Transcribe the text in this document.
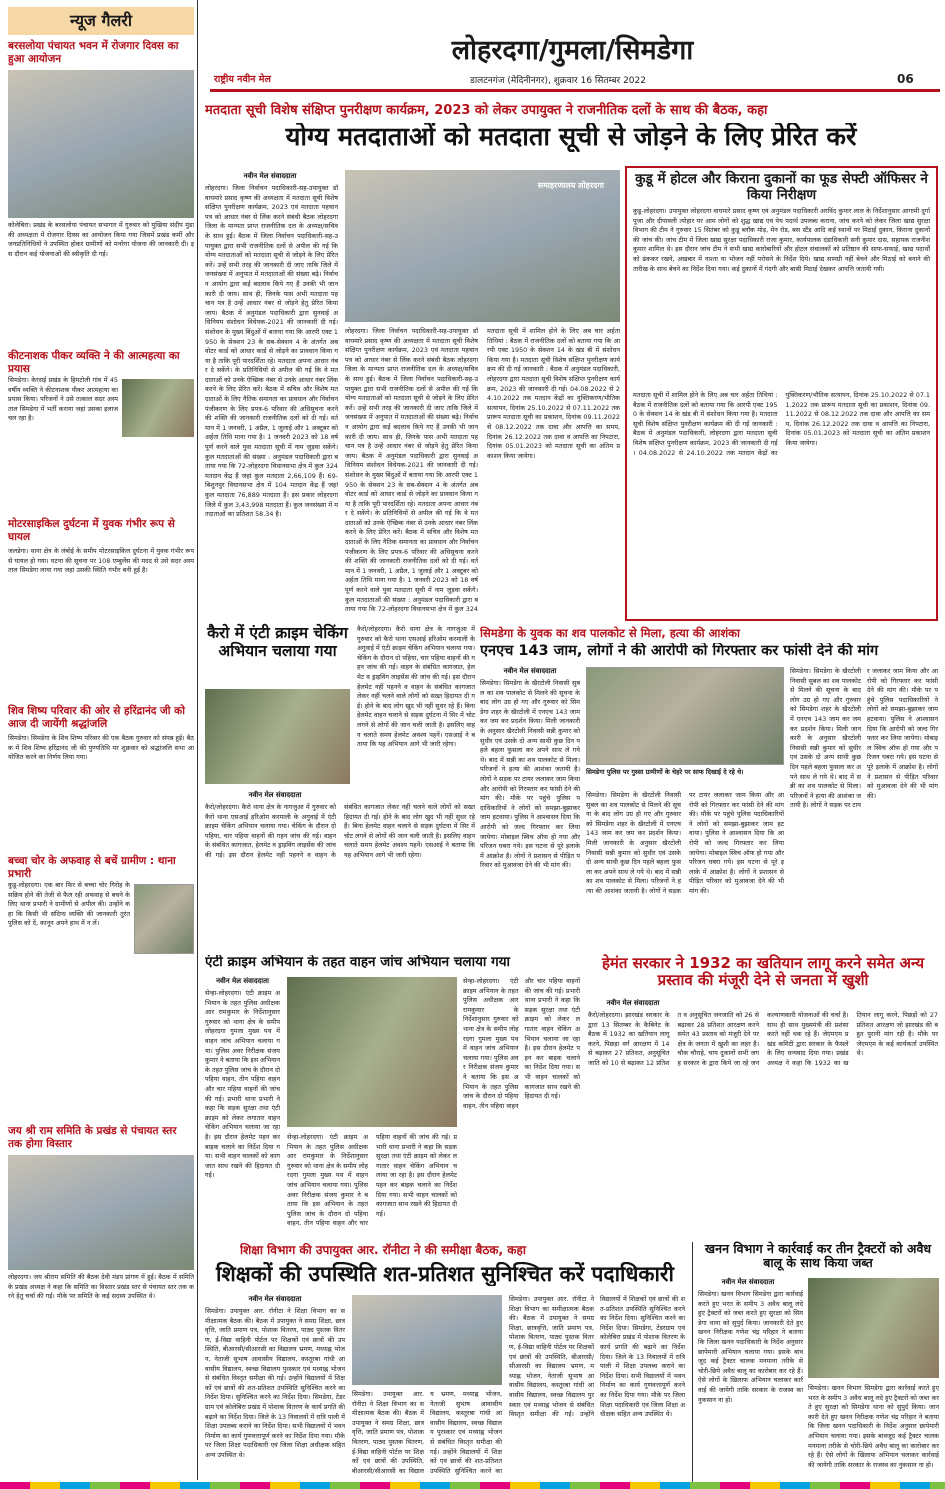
लोहरदगा/गुमला/सिमडेगा
राष्ट्रीय नवीन मेल	डालटनगंज (मेदिनीनगर), शुक्रवार 16 सितम्बर 2022	06
न्यूज गैलरी
बरसलोया पंचायत भवन में रोजगार दिवस का हुआ आयोजन
कोलेबिरा। प्रखंड के बरसलोया पंचायत सभागार में गुरुवार को मुखिया संदीप मुंडा की अध्यक्षता में रोजगार दिवस का आयोजन किया गया जिसमें प्रखंड कर्मी और जनप्रतिनिधियों ने उपस्थित होकर ग्रामीणों को मनरेगा योजना की जानकारी दी। इस दौरान कई योजनाओं की स्वीकृति दी गई।
कीटनाशक पीकर व्यक्ति ने की आत्महत्या का प्रयास
सिमडेगा। केरसई प्रखंड के हिमटोली गांव में 45 वर्षीय व्यक्ति ने कीटनाशक पीकर आत्महत्या का प्रयास किया। परिजनों ने उसे तत्काल सदर अस्पताल सिमडेगा में भर्ती कराया जहां उसका इलाज चल रहा है।
मोटरसाइकिल दुर्घटना में युवक गंभीर रूप से घायल
जलडेगा। थाना क्षेत्र के लंबोई के समीप मोटरसाइकिल दुर्घटना में युवक गंभीर रूप से घायल हो गया। घटना की सूचना पर 108 एम्बुलेंस की मदद से उसे सदर अस्पताल सिमडेगा लाया गया जहां उसकी स्थिति गंभीर बनी हुई है।
शिव शिष्य परिवार की ओर से हरिंद्रानंद जी को आज दी जायेंगी श्रद्धांजलि
सिमडेगा। सिमडेगा के शिव शिष्य परिवार की एक बैठक गुरुवार को संपन्न हुई। बैठक में शिव शिष्य हरिंद्रानंद जी की पुण्यतिथि पर शुक्रवार को श्रद्धांजलि सभा आयोजित करने का निर्णय लिया गया।
बच्चा चोर के अफवाह से बचें ग्रामीण : थाना प्रभारी
कुडू-लोहरदगा। एक बार फिर से बच्चा चोर गिरोह के सक्रिय होने की तेजी से फैल रही अफवाह से बचने के लिए थाना प्रभारी ने ग्रामीणों से अपील की। उन्होंने कहा कि किसी भी संदिग्ध व्यक्ति की जानकारी तुरंत पुलिस को दें, कानून अपने हाथ में न लें।
जय श्री राम समिति के प्रखंड से पंचायत स्तर तक होगा विस्तार
लोहरदगा। जय श्रीराम समिति की बैठक देवी मंडप प्रांगण में हुई। बैठक में समिति के प्रखंड अध्यक्ष ने कहा कि समिति का विस्तार प्रखंड स्तर से पंचायत स्तर तक करने हेतु चर्चा की गई। मौके पर समिति के कई सदस्य उपस्थित थे।
मतदाता सूची विशेष संक्षिप्त पुनरीक्षण कार्यक्रम, 2023 को लेकर उपायुक्त ने राजनीतिक दलों के साथ की बैठक, कहा
योग्य मतदाताओं को मतदाता सूची से जोड़ने के लिए प्रेरित करें
नवीन मेल संवाददाता
लोहरदगा। जिला निर्वाचन पदाधिकारी-सह-उपायुक्त डॉ वाघमारे प्रसाद कृष्ण की अध्यक्षता में मतदाता सूची विशेष संक्षिप्त पुनरीक्षण कार्यक्रम, 2023 एवं मतदाता पहचान पत्र को आधार नंबर से लिंक करने संबंधी बैठक लोहरदगा जिला के मान्यता प्राप्त राजनीतिक दल के अध्यक्ष/सचिव के साथ हुई। बैठक में जिला निर्वाचन पदाधिकारी-सह-उपायुक्त द्वारा सभी राजनीतिक दलों से अपील की गई कि योग्य मतदाताओं को मतदाता सूची से जोड़ने के लिए प्रेरित करें। उन्हें सभी तरह की जानकारी दी जाए ताकि जिले में जनसंख्या में अनुपात में मतदाताओं की संख्या बढ़े। निर्वाचन आयोग द्वारा कई बदलाव किये गए हैं उनकी भी जानकारी दी जाय। साथ ही, जिनके पास अभी मतदाता पहचान पत्र है उन्हें आधार नंबर से जोड़ने हेतु प्रेरित किया जाय। बैठक में अनुमंडल पदाधिकारी द्वारा सुनवाई अधिनियम संशोधन विधेयक-2021 की जानकारी दी गई। संशोधन के मुख्य बिंदुओं में बताया गया कि आरपी एक्ट 1950 के सेक्शन 23 के सब-सेक्शन 4 के अंतर्गत अब वोटर कार्ड को आधार कार्ड से जोड़ने का प्रावधान किया गया है ताकि पूरी पारदर्शिता रहे। मतदाता अपना आधार नंबर दे सकेंगे। के प्रतिनिधियों से अपील की गई कि वे मतदाताओं को उनके ऐच्छिक नंबर से उनके आधार नंबर लिंक करने के लिए प्रेरित करें। बैठक में सचिव और विशेष मतदाताओं के लिए नैतिक समानता का प्रावधान और निर्वाचन पंजीकरण के लिए प्रपत्र-6 परिवार की अधिसूचना करने की शक्ति की जानकारी राजनीतिक दलों को दी गई। वर्तमान में 1 जनवरी, 1 अप्रैल, 1 जुलाई और 1 अक्टूबर को अर्हता तिथि माना गया है। 1 जनवरी 2023 को 18 वर्ष पूर्ण करने वाले युवा मतदाता सूची में नाम जुड़वा सकेंगे। कुल मतदाताओं की संख्या : अनुमंडल पदाधिकारी द्वारा बताया गया कि 72-लोहरदगा विधानसभा क्षेत्र में कुल 324 मतदान केंद्र हैं जहां कुल मतदाता 2,66,109 हैं। 69-बिशुनपुर विधानसभा क्षेत्र में 104 मतदान केंद्र हैं जहां कुल मतदाता 76,889 मतदाता हैं। इस प्रकार लोहरदगा जिले में कुल 3,43,998 मतदाता हैं। कुल जनसंख्या में मतदाताओं का प्रतिशत 58.34 है।
समाहरणालय लोहरदगा
लोहरदगा। जिला निर्वाचन पदाधिकारी-सह-उपायुक्त डॉ वाघमारे प्रसाद कृष्ण की अध्यक्षता में मतदाता सूची विशेष संक्षिप्त पुनरीक्षण कार्यक्रम, 2023 एवं मतदाता पहचान पत्र को आधार नंबर से लिंक करने संबंधी बैठक लोहरदगा जिला के मान्यता प्राप्त राजनीतिक दल के अध्यक्ष/सचिव के साथ हुई। बैठक में जिला निर्वाचन पदाधिकारी-सह-उपायुक्त द्वारा सभी राजनीतिक दलों से अपील की गई कि योग्य मतदाताओं को मतदाता सूची से जोड़ने के लिए प्रेरित करें। उन्हें सभी तरह की जानकारी दी जाए ताकि जिले में जनसंख्या में अनुपात में मतदाताओं की संख्या बढ़े। निर्वाचन आयोग द्वारा कई बदलाव किये गए हैं उनकी भी जानकारी दी जाय। साथ ही, जिनके पास अभी मतदाता पहचान पत्र है उन्हें आधार नंबर से जोड़ने हेतु प्रेरित किया जाय। बैठक में अनुमंडल पदाधिकारी द्वारा सुनवाई अधिनियम संशोधन विधेयक-2021 की जानकारी दी गई। संशोधन के मुख्य बिंदुओं में बताया गया कि आरपी एक्ट 1950 के सेक्शन 23 के सब-सेक्शन 4 के अंतर्गत अब वोटर कार्ड को आधार कार्ड से जोड़ने का प्रावधान किया गया है ताकि पूरी पारदर्शिता रहे। मतदाता अपना आधार नंबर दे सकेंगे। के प्रतिनिधियों से अपील की गई कि वे मतदाताओं को उनके ऐच्छिक नंबर से उनके आधार नंबर लिंक करने के लिए प्रेरित करें। बैठक में सचिव और विशेष मतदाताओं के लिए नैतिक समानता का प्रावधान और निर्वाचन पंजीकरण के लिए प्रपत्र-6 परिवार की अधिसूचना करने की शक्ति की जानकारी राजनीतिक दलों को दी गई। वर्तमान में 1 जनवरी, 1 अप्रैल, 1 जुलाई और 1 अक्टूबर को अर्हता तिथि माना गया है। 1 जनवरी 2023 को 18 वर्ष पूर्ण करने वाले युवा मतदाता सूची में नाम जुड़वा सकेंगे। कुल मतदाताओं की संख्या : अनुमंडल पदाधिकारी द्वारा बताया गया कि 72-लोहरदगा विधानसभा क्षेत्र में कुल 324
मतदाता सूची में शामिल होने के लिए अब चार अर्हता तिथियां : बैठक में राजनीतिक दलों को बताया गया कि आरपी एक्ट 1950 के सेक्शन 14 के खंड बी में संशोधन किया गया है। मतदाता सूची विशेष संक्षिप्त पुनरीक्षण कार्यक्रम की दी गई जानकारी : बैठक में अनुमंडल पदाधिकारी, लोहरदगा द्वारा मतदाता सूची विशेष संक्षिप्त पुनरीक्षण कार्यक्रम, 2023 की जानकारी दी गई। 04.08.2022 से 24.10.2022 तक मतदान केंद्रों का युक्तिकरण/भौतिक सत्यापन, दिनांक 25.10.2022 से 07.11.2022 तक प्रारूप मतदाता सूची का प्रकाशन, दिनांक 09.11.2022 से 08.12.2022 तक दावा और आपत्ति का समय, दिनांक 26.12.2022 तक दावा व आपत्ति का निपटारा, दिनांक 05.01.2023 को मतदाता सूची का अंतिम प्रकाशन किया जायेगा।
कुडू में होटल और किराना दुकानों का फूड सेफ्टी ऑफिसर ने किया निरीक्षण
कुडू-लोहरदगा। उपायुक्त लोहरदगा वाघमारे प्रसाद कृष्ण एवं अनुमंडल पदाधिकारी अरविंद कुमार लाल के निर्देशानुसार आगामी दुर्गा पूजा और दीपावली त्योहार पर आम लोगों को शुद्ध खाद्य एवं पेय पदार्थ उपलब्ध कराना, जांच करने को लेकर जिला खाद्य सुरक्षा विभाग की टीम ने गुरुवार 15 सितंबर को कुडू ब्लॉक मोड़, मेन रोड, बस स्टैंड आदि कई स्थानों पर मिठाई दुकान, किराना दुकानों की जांच की। जांच टीम में जिला खाद्य सुरक्षा पदाधिकारी राजा कुमार, कार्यपालक दंडाधिकारी सनी कुमार दास, सहायक राजनीश कुमार शामिल थे। इस दौरान जांच टीम ने सभी खाद्य कारोबारियों और होटल संचालकों को प्रतिष्ठान की साफ-सफाई, खाद्य पदार्थों को ढंककर रखने, अखबार में नाश्ता या भोजन नहीं परोसने के निर्देश दिये। खाद्य सामग्री नहीं बेचने और मिठाई को बनाने की तारीख के साथ बेचने का निर्देश दिया गया। कई दुकानों में गंदगी और बासी मिठाई देखकर आपत्ति जतायी गयी।
मतदाता सूची में शामिल होने के लिए अब चार अर्हता तिथियां : बैठक में राजनीतिक दलों को बताया गया कि आरपी एक्ट 1950 के सेक्शन 14 के खंड बी में संशोधन किया गया है। मतदाता सूची विशेष संक्षिप्त पुनरीक्षण कार्यक्रम की दी गई जानकारी : बैठक में अनुमंडल पदाधिकारी, लोहरदगा द्वारा मतदाता सूची विशेष संक्षिप्त पुनरीक्षण कार्यक्रम, 2023 की जानकारी दी गई। 04.08.2022 से 24.10.2022 तक मतदान केंद्रों का युक्तिकरण/भौतिक सत्यापन, दिनांक 25.10.2022 से 07.11.2022 तक प्रारूप मतदाता सूची का प्रकाशन, दिनांक 09.11.2022 से 08.12.2022 तक दावा और आपत्ति का समय, दिनांक 26.12.2022 तक दावा व आपत्ति का निपटारा, दिनांक 05.01.2023 को मतदाता सूची का अंतिम प्रकाशन किया जायेगा।
कैरो में एंटी क्राइम चेकिंग अभियान चलाया गया
नवीन मेल संवाददाता
कैरो/लोहरदगा। कैरो थाना क्षेत्र के नागजुआ में गुरुवार को कैरो थाना एसआई हरिओम करमाली के अगुवाई में एंटी क्राइम चेकिंग अभियान चलाया गया। चेकिंग के दौरान दो पहिया, चार पहिया वाहनों की गहन जांच की गई। वाहन के संबंधित कागजात, हेलमेट व ड्राइविंग लाइसेंस की जांच की गई। इस दौरान हेलमेट नहीं पहनने व वाहन के संबंधित कागजात लेकर नहीं चलने वाले लोगों को सख्त हिदायत दी गई। होने के बाद लोग खुद भी नहीं सुधर रहे हैं। बिना हेलमेट वाहन चलाने से सड़क दुर्घटना में सिर में चोट लगने से लोगों की जान चली जाती है। इसलिए वाहन चलाते समय हेलमेट अवश्य पहनें। एसआई ने बताया कि यह अभियान आगे भी जारी रहेगा।
कैरो/लोहरदगा। कैरो थाना क्षेत्र के नागजुआ में गुरुवार को कैरो थाना एसआई हरिओम करमाली के अगुवाई में एंटी क्राइम चेकिंग अभियान चलाया गया। चेकिंग के दौरान दो पहिया, चार पहिया वाहनों की गहन जांच की गई। वाहन के संबंधित कागजात, हेलमेट व ड्राइविंग लाइसेंस की जांच की गई। इस दौरान हेलमेट नहीं पहनने व वाहन के संबंधित कागजात लेकर नहीं चलने वाले लोगों को सख्त हिदायत दी गई। होने के बाद लोग खुद भी नहीं सुधर रहे हैं। बिना हेलमेट वाहन चलाने से सड़क दुर्घटना में सिर में चोट लगने से लोगों की जान चली जाती है। इसलिए वाहन चलाते समय हेलमेट अवश्य पहनें। एसआई ने बताया कि यह अभियान आगे भी जारी रहेगा।
सिमडेगा के युवक का शव पालकोट से मिला, हत्या की आशंका
एनएच 143 जाम, लोगों ने की आरोपी को गिरफ्तार कर फांसी देने की मांग
नवीन मेल संवाददाता
सिमडेगा। सिमडेगा के खैरटोली निवासी सुबल का शव पालकोट से मिलने की सूचना के बाद लोग उग्र हो गए और गुरुवार को सिमडेगा शहर के खैरटोली में एनएच 143 जाम कर जम कर प्रदर्शन किया। मिली जानकारी के अनुसार खैरटोली निवासी सन्नी कुमार को सुधीर एवं उसके दो अन्य साथी कुछ दिन पहले बहला फुसला कर अपने साथ ले गये थे। बाद में सन्नी का शव पालकोट से मिला। परिजनों ने हत्या की आशंका जतायी है। लोगों ने सड़क पर टायर जलाकर जाम किया और आरोपी को गिरफ्तार कर फांसी देने की मांग की। मौके पर पहुंचे पुलिस पदाधिकारियों ने लोगों को समझा-बुझाकर जाम हटवाया। पुलिस ने आश्वासन दिया कि आरोपी को जल्द गिरफ्तार कर लिया जायेगा। मोबाइल स्विच ऑफ हो गया और परिजन घबरा गये। इस घटना से पूरे इलाके में आक्रोश है। लोगों ने प्रशासन से पीड़ित परिवार को मुआवजा देने की भी मांग की।
सिमडेगा पुलिस पर गुस्सा ग्रामीणों के चेहरे पर साफ दिखाई दे रहे थे।
सिमडेगा। सिमडेगा के खैरटोली निवासी सुबल का शव पालकोट से मिलने की सूचना के बाद लोग उग्र हो गए और गुरुवार को सिमडेगा शहर के खैरटोली में एनएच 143 जाम कर जम कर प्रदर्शन किया। मिली जानकारी के अनुसार खैरटोली निवासी सन्नी कुमार को सुधीर एवं उसके दो अन्य साथी कुछ दिन पहले बहला फुसला कर अपने साथ ले गये थे। बाद में सन्नी का शव पालकोट से मिला। परिजनों ने हत्या की आशंका जतायी है। लोगों ने सड़क पर टायर जलाकर जाम किया और आरोपी को गिरफ्तार कर फांसी देने की मांग की। मौके पर पहुंचे पुलिस पदाधिकारियों ने लोगों को समझा-बुझाकर जाम हटवाया। पुलिस ने आश्वासन दिया कि आरोपी को जल्द गिरफ्तार कर लिया जायेगा। मोबाइल स्विच ऑफ हो गया और परिजन घबरा गये। इस घटना से पूरे इलाके में आक्रोश है। लोगों ने प्रशासन से पीड़ित परिवार को मुआवजा देने की भी मांग की।
सिमडेगा। सिमडेगा के खैरटोली निवासी सुबल का शव पालकोट से मिलने की सूचना के बाद लोग उग्र हो गए और गुरुवार को सिमडेगा शहर के खैरटोली में एनएच 143 जाम कर जम कर प्रदर्शन किया। मिली जानकारी के अनुसार खैरटोली निवासी सन्नी कुमार को सुधीर एवं उसके दो अन्य साथी कुछ दिन पहले बहला फुसला कर अपने साथ ले गये थे। बाद में सन्नी का शव पालकोट से मिला। परिजनों ने हत्या की आशंका जतायी है। लोगों ने सड़क पर टायर जलाकर जाम किया और आरोपी को गिरफ्तार कर फांसी देने की मांग की। मौके पर पहुंचे पुलिस पदाधिकारियों ने लोगों को समझा-बुझाकर जाम हटवाया। पुलिस ने आश्वासन दिया कि आरोपी को जल्द गिरफ्तार कर लिया जायेगा। मोबाइल स्विच ऑफ हो गया और परिजन घबरा गये। इस घटना से पूरे इलाके में आक्रोश है। लोगों ने प्रशासन से पीड़ित परिवार को मुआवजा देने की भी मांग की।
एंटी क्राइम अभियान के तहत वाहन जांच अभियान चलाया गया
नवीन मेल संवाददाता
सेन्हा-लोहरदगा। एंटी क्राइम अभियान के तहत पुलिस अधीक्षक आर रामकुमार के निर्देशानुसार गुरुवार को थाना क्षेत्र के समीप लोहरदगा गुमला मुख्य पथ में वाहन जांच अभियान चलाया गया। पुलिस अवर निरीक्षक संजय कुमार ने बताया कि इस अभियान के तहत पुलिस जांच के दौरान दो पहिया वाहन, तीन पहिया वाहन और चार पहिया वाहनों की जांच की गई। प्रभारी थाना प्रभारी ने कहा कि सड़क सुरक्षा तथा एंटी क्राइम को लेकर लगातार वाहन चेकिंग अभियान चलाया जा रहा है। इस दौरान हेलमेट पहन कर बाइक चलाने का निर्देश दिया गया। सभी वाहन चालकों को कागजात साथ रखने की हिदायत दी गई।
सेन्हा-लोहरदगा। एंटी क्राइम अभियान के तहत पुलिस अधीक्षक आर रामकुमार के निर्देशानुसार गुरुवार को थाना क्षेत्र के समीप लोहरदगा गुमला मुख्य पथ में वाहन जांच अभियान चलाया गया। पुलिस अवर निरीक्षक संजय कुमार ने बताया कि इस अभियान के तहत पुलिस जांच के दौरान दो पहिया वाहन, तीन पहिया वाहन और चार पहिया वाहनों की जांच की गई। प्रभारी थाना प्रभारी ने कहा कि सड़क सुरक्षा तथा एंटी क्राइम को लेकर लगातार वाहन चेकिंग अभियान चलाया जा रहा है। इस दौरान हेलमेट पहन कर बाइक चलाने का निर्देश दिया गया। सभी वाहन चालकों को कागजात साथ रखने की हिदायत दी गई।
सेन्हा-लोहरदगा। एंटी क्राइम अभियान के तहत पुलिस अधीक्षक आर रामकुमार के निर्देशानुसार गुरुवार को थाना क्षेत्र के समीप लोहरदगा गुमला मुख्य पथ में वाहन जांच अभियान चलाया गया। पुलिस अवर निरीक्षक संजय कुमार ने बताया कि इस अभियान के तहत पुलिस जांच के दौरान दो पहिया वाहन, तीन पहिया वाहन और चार पहिया वाहनों की जांच की गई। प्रभारी थाना प्रभारी ने कहा कि सड़क सुरक्षा तथा एंटी क्राइम को लेकर लगातार वाहन चेकिंग अभियान चलाया जा रहा है। इस दौरान हेलमेट पहन कर बाइक चलाने का निर्देश दिया गया। सभी वाहन चालकों को कागजात साथ रखने की हिदायत दी गई।
हेमंत सरकार ने 1932 का खतियान लागू करने समेत अन्य प्रस्ताव की मंजूरी देने से जनता में खुशी
नवीन मेल संवाददाता
कैरो/लोहरदगा। झारखंड सरकार के द्वारा 13 सितम्बर के कैबिनेट के बैठक में 1932 का खतियान लागू करने, पिछड़ा वर्ग आरक्षण में 14 से बढ़ाकर 27 प्रतिशत, अनुसूचित जाति को 10 से बढ़ाकर 12 प्रतिशत व अनुसूचित जनजाति को 26 से बढ़ाकर 28 प्रतिशत आरक्षण करने समेत 43 प्रस्ताव को मंजूरी देने पर क्षेत्र के जनता में खुशी का लहर है। चौक चौराहे, चाय दुकानों सभी जगह सरकार के द्वारा किये जा रहे जनकल्याणकारी योजनाओं की चर्चा है। साथ ही साथ मुख्यमंत्री की प्रशंसा करते नहीं थक रहे हैं। जेएमएम प्रखंड कमिटी द्वारा सरकार के फैसले के लिए धन्यवाद दिया गया। प्रखंड अध्यक्ष ने कहा कि 1932 का खतियान लागू करने, पिछड़ों को 27 प्रतिशत आरक्षण जो झारखंड की बहुत पुरानी मांग रही है। मौके पर जेएमएम के कई कार्यकर्ता उपस्थित थे।
शिक्षा विभाग की उपायुक्त आर. रॉनीटा ने की समीक्षा बैठक, कहा
शिक्षकों की उपस्थिति शत-प्रतिशत सुनिश्चित करें पदाधिकारी
नवीन मेल संवाददाता
सिमडेगा। उपायुक्त आर. रॉनीटा ने शिक्षा विभाग का समीक्षात्मक बैठक की। बैठक में उपायुक्त ने समग्र शिक्षा, छात्रवृत्ति, जाति प्रमाण पत्र, पोशाक वितरण, पाठ्य पुस्तक वितरण, ई-विद्या वाहिनी पोर्टल पर शिक्षकों एवं छात्रों की उपस्थिति, बीआरसी/सीआरसी का विद्यालय भ्रमण, मध्याह्न भोजन, नेताजी सुभाष आवासीय विद्यालय, कस्तूरबा गांधी आवासीय विद्यालय, स्वच्छ विद्यालय पुरस्कार एवं मध्याह्न भोजन से संबंधित विस्तृत समीक्षा की गई। उन्होंने विद्यालयों में शिक्षकों एवं छात्रों की शत-प्रतिशत उपस्थिति सुनिश्चित करने का निर्देश दिया। सुनिश्चित करने का निर्देश दिया। सिमडेगा, टेंडरग्राम एवं कोलेबिरा प्रखंड में पोशाक वितरण के कार्य प्रगति की बढ़ाने का निर्देश दिया। जिले के 13 निवालयों में रात्रि पाली में शिक्षा उपलब्ध कराने का निर्देश दिया। सभी विद्यालयों में भवन निर्माण का कार्य गुणवत्तापूर्ण करने का निर्देश दिया गया। मौके पर जिला शिक्षा पदाधिकारी एवं जिला शिक्षा अधीक्षक सहित अन्य उपस्थित थे।
सिमडेगा। उपायुक्त आर. रॉनीटा ने शिक्षा विभाग का समीक्षात्मक बैठक की। बैठक में उपायुक्त ने समग्र शिक्षा, छात्रवृत्ति, जाति प्रमाण पत्र, पोशाक वितरण, पाठ्य पुस्तक वितरण, ई-विद्या वाहिनी पोर्टल पर शिक्षकों एवं छात्रों की उपस्थिति, बीआरसी/सीआरसी का विद्यालय भ्रमण, मध्याह्न भोजन, नेताजी सुभाष आवासीय विद्यालय, कस्तूरबा गांधी आवासीय विद्यालय, स्वच्छ विद्यालय पुरस्कार एवं मध्याह्न भोजन से संबंधित विस्तृत समीक्षा की गई। उन्होंने विद्यालयों में शिक्षकों एवं छात्रों की शत-प्रतिशत उपस्थिति सुनिश्चित करने का
सिमडेगा। उपायुक्त आर. रॉनीटा ने शिक्षा विभाग का समीक्षात्मक बैठक की। बैठक में उपायुक्त ने समग्र शिक्षा, छात्रवृत्ति, जाति प्रमाण पत्र, पोशाक वितरण, पाठ्य पुस्तक वितरण, ई-विद्या वाहिनी पोर्टल पर शिक्षकों एवं छात्रों की उपस्थिति, बीआरसी/सीआरसी का विद्यालय भ्रमण, मध्याह्न भोजन, नेताजी सुभाष आवासीय विद्यालय, कस्तूरबा गांधी आवासीय विद्यालय, स्वच्छ विद्यालय पुरस्कार एवं मध्याह्न भोजन से संबंधित विस्तृत समीक्षा की गई। उन्होंने विद्यालयों में शिक्षकों एवं छात्रों की शत-प्रतिशत उपस्थिति सुनिश्चित करने का निर्देश दिया। सुनिश्चित करने का निर्देश दिया। सिमडेगा, टेंडरग्राम एवं कोलेबिरा प्रखंड में पोशाक वितरण के कार्य प्रगति की बढ़ाने का निर्देश दिया। जिले के 13 निवालयों में रात्रि पाली में शिक्षा उपलब्ध कराने का निर्देश दिया। सभी विद्यालयों में भवन निर्माण का कार्य गुणवत्तापूर्ण करने का निर्देश दिया गया। मौके पर जिला शिक्षा पदाधिकारी एवं जिला शिक्षा अधीक्षक सहित अन्य उपस्थित थे।
खनन विभाग ने कार्रवाई कर तीन ट्रैक्टरों को अवैध बालू के साथ किया जब्त
नवीन मेल संवाददाता
सिमडेगा। खनन विभाग सिमडेगा द्वारा कार्रवाई करते हुए भरत के समीप 3 अवैध बालू लदे हुए ट्रैक्टरों को जब्त करते हुए सुरक्षा को सिमडेगा थाना को सुपुर्द किया। जानकारी देते हुए खनन निरीक्षक गणेश चंद्र परिहार ने बताया कि जिला खनन पदाधिकारी के निर्देश अनुसार छापेमारी अभियान चलाया गया। इसके बावजूद कई ट्रैक्टर चालक मनमाना तरीके से चोरी-छिपे अवैध बालू का कारोबार कर रहे हैं। ऐसे लोगों के खिलाफ अभियान चलाकर कार्रवाई की जायेगी ताकि सरकार के राजस्व का नुकसान ना हो।
सिमडेगा। खनन विभाग सिमडेगा द्वारा कार्रवाई करते हुए भरत के समीप 3 अवैध बालू लदे हुए ट्रैक्टरों को जब्त करते हुए सुरक्षा को सिमडेगा थाना को सुपुर्द किया। जानकारी देते हुए खनन निरीक्षक गणेश चंद्र परिहार ने बताया कि जिला खनन पदाधिकारी के निर्देश अनुसार छापेमारी अभियान चलाया गया। इसके बावजूद कई ट्रैक्टर चालक मनमाना तरीके से चोरी-छिपे अवैध बालू का कारोबार कर रहे हैं। ऐसे लोगों के खिलाफ अभियान चलाकर कार्रवाई की जायेगी ताकि सरकार के राजस्व का नुकसान ना हो।
